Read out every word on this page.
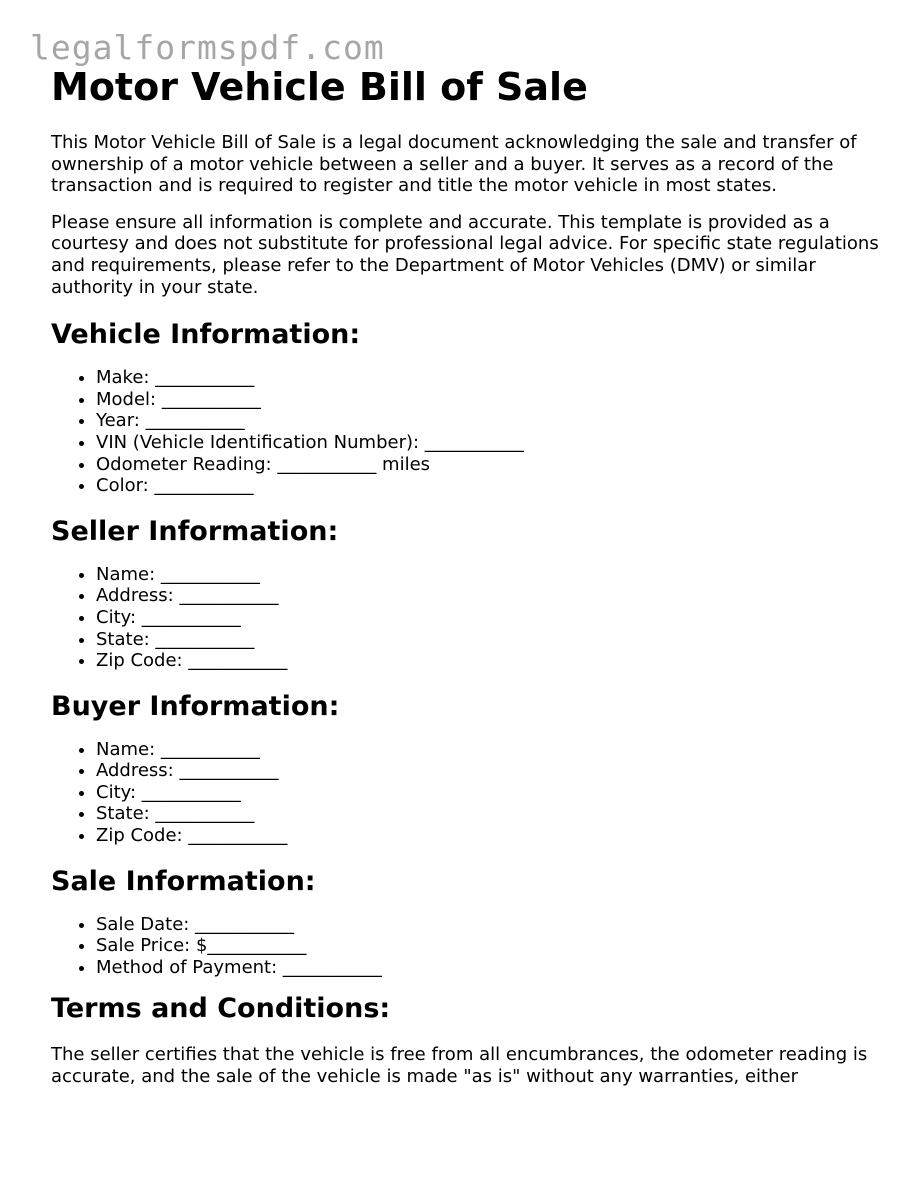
legalformspdf.com
Motor Vehicle Bill of Sale

This Motor Vehicle Bill of Sale is a legal document acknowledging the sale and transfer of ownership of a motor vehicle between a seller and a buyer. It serves as a record of the transaction and is required to register and title the motor vehicle in most states.

Please ensure all information is complete and accurate. This template is provided as a courtesy and does not substitute for professional legal advice. For specific state regulations and requirements, please refer to the Department of Motor Vehicles (DMV) or similar authority in your state.

Vehicle Information:
• Make: ___________
• Model: ___________
• Year: ___________
• VIN (Vehicle Identification Number): ___________
• Odometer Reading: ___________ miles
• Color: ___________
Seller Information:
• Name: ___________
• Address: ___________
• City: ___________
• State: ___________
• Zip Code: ___________
Buyer Information:
• Name: ___________
• Address: ___________
• City: ___________
• State: ___________
• Zip Code: ___________
Sale Information:
• Sale Date: ___________
• Sale Price: $___________
• Method of Payment: ___________
Terms and Conditions:

The seller certifies that the vehicle is free from all encumbrances, the odometer reading is accurate, and the sale of the vehicle is made "as is" without any warranties, either
